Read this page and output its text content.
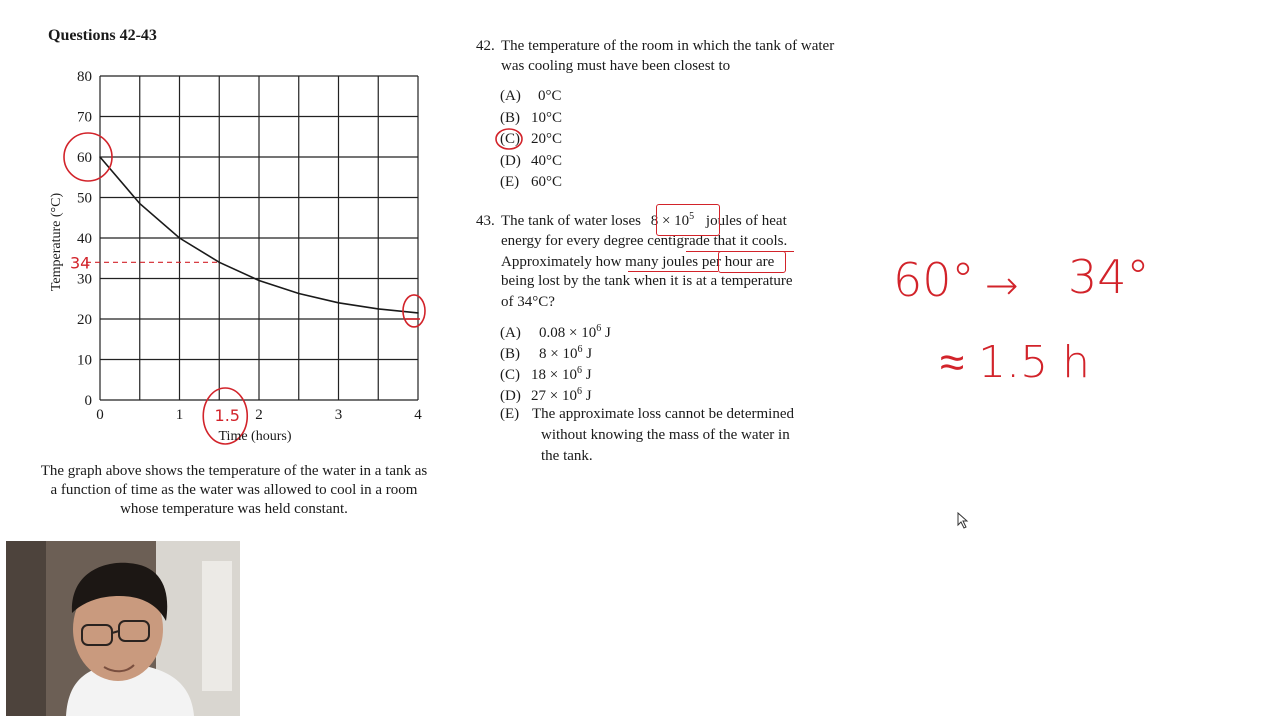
Questions 42-43
0
10
20
30
40
50
60
70
80
0	1	2	3	4
1.5
34
Time (hours)
Temperature (°C)
The graph above shows the temperature of the water in a tank as a function of time as the water was allowed to cool in a room whose temperature was held constant.
42. The temperature of the room in which the tank of water was cooling must have been closest to
(A) 0°C
(B) 10°C
(C) 20°C
(D) 40°C
(E) 60°C
43. The tank of water loses $8 \times 10^5$ joules of heat
energy for every degree centigrade that it cools.
Approximately how many joules per hour are
being lost by the tank when it is at a temperature
of 34°C?
(A) $0.08 \times 10^6$ J
(B) $8 \times 10^6$ J
(C) $18 \times 10^6$ J
(D) $27 \times 10^6$ J
(E) The approximate loss cannot be determined
without knowing the mass of the water in
the tank.
60° → 34°
≈ 1.5 h
